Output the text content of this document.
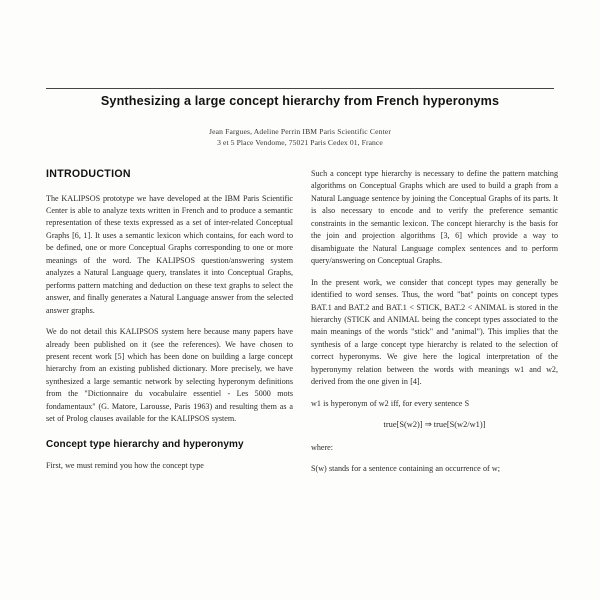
Synthesizing a large concept hierarchy from French hyperonyms
Jean Fargues, Adeline Perrin IBM Paris Scientific Center
3 et 5 Place Vendome, 75021 Paris Cedex 01, France
INTRODUCTION

The KALIPSOS prototype we have developed at the IBM Paris Scientific Center is able to analyze texts written in French and to produce a semantic representation of these texts expressed as a set of inter-related Conceptual Graphs [6, 1]. It uses a semantic lexicon which contains, for each word to be defined, one or more Conceptual Graphs corresponding to one or more meanings of the word. The KALIPSOS question/answering system analyzes a Natural Language query, translates it into Conceptual Graphs, performs pattern matching and deduction on these text graphs to select the answer, and finally generates a Natural Language answer from the selected answer graphs.

We do not detail this KALIPSOS system here because many papers have already been published on it (see the references). We have chosen to present recent work [5] which has been done on building a large concept hierarchy from an existing published dictionary. More precisely, we have synthesized a large semantic network by selecting hyperonym definitions from the "Dictionnaire du vocabulaire essentiel - Les 5000 mots fondamentaux" (G. Matore, Larousse, Paris 1963) and resulting them as a set of Prolog clauses available for the KALIPSOS system.

Concept type hierarchy and hyperonymy

First, we must remind you how the concept type

Such a concept type hierarchy is necessary to define the pattern matching algorithms on Conceptual Graphs which are used to build a graph from a Natural Language sentence by joining the Conceptual Graphs of its parts. It is also necessary to encode and to verify the preference semantic constraints in the semantic lexicon. The concept hierarchy is the basis for the join and projection algorithms [3, 6] which provide a way to disambiguate the Natural Language complex sentences and to perform query/answering on Conceptual Graphs.

In the present work, we consider that concept types may generally be identified to word senses. Thus, the word "bat" points on concept types BAT.1 and BAT.2 and BAT.1 < STICK, BAT.2 < ANIMAL is stored in the hierarchy (STICK and ANIMAL being the concept types associated to the main meanings of the words "stick" and "animal"). This implies that the synthesis of a large concept type hierarchy is related to the selection of correct hyperonyms. We give here the logical interpretation of the hyperonymy relation between the words with meanings w1 and w2, derived from the one given in [4].

w1 is hyperonym of w2 iff, for every sentence S

true[S(w2)] ⇒ true[S(w2/w1)]
where:

S(w) stands for a sentence containing an occurrence of w;
